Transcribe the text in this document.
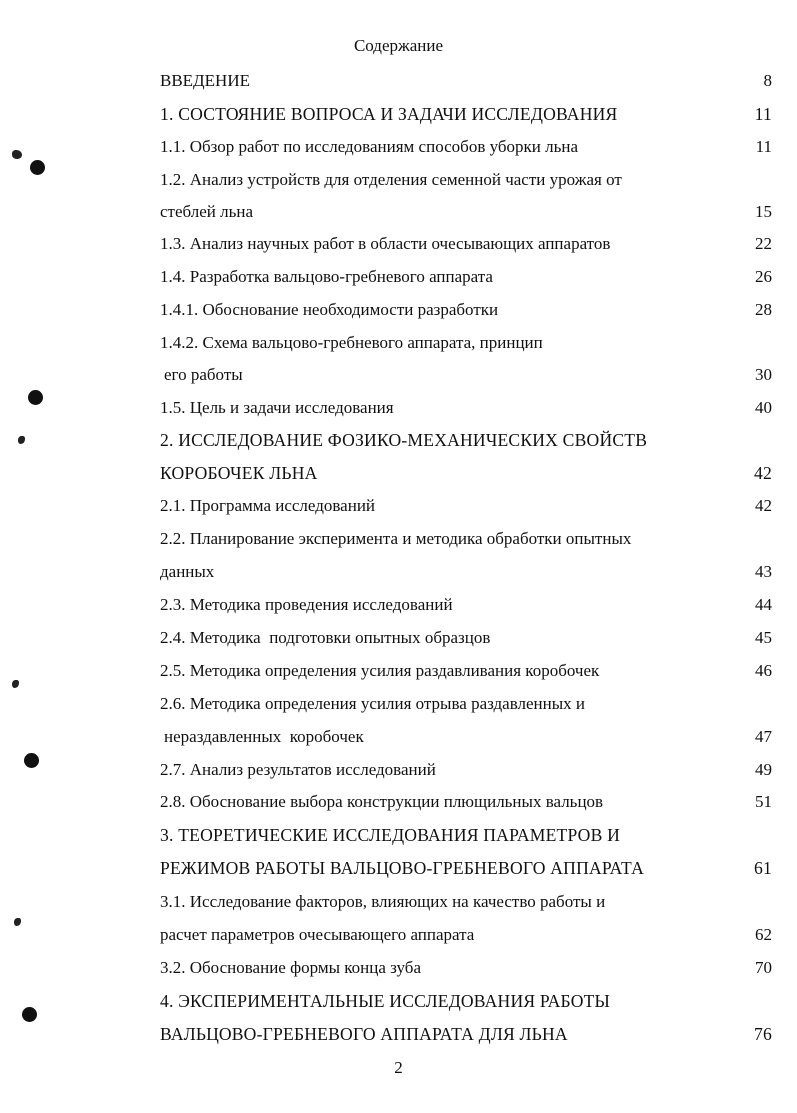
Содержание
ВВЕДЕНИЕ	8
1. СОСТОЯНИЕ ВОПРОСА И ЗАДАЧИ ИССЛЕДОВАНИЯ	11
1.1. Обзор работ по исследованиям способов уборки льна	11
1.2. Анализ устройств для отделения семенной части урожая от
стеблей льна	15
1.3. Анализ научных работ в области очесывающих аппаратов	22
1.4. Разработка вальцово-гребневого аппарата	26
1.4.1. Обоснование необходимости разработки	28
1.4.2. Схема вальцово-гребневого аппарата, принцип
его работы	30
1.5. Цель и задачи исследования	40
2. ИССЛЕДОВАНИЕ ФОЗИКО-МЕХАНИЧЕСКИХ СВОЙСТВ
КОРОБОЧЕК ЛЬНА	42
2.1. Программа исследований	42
2.2. Планирование эксперимента и методика обработки опытных
данных	43
2.3. Методика проведения исследований	44
2.4. Методика  подготовки опытных образцов	45
2.5. Методика определения усилия раздавливания коробочек	46
2.6. Методика определения усилия отрыва раздавленных и
нераздавленных  коробочек	47
2.7. Анализ результатов исследований	49
2.8. Обоснование выбора конструкции плющильных вальцов	51
3. ТЕОРЕТИЧЕСКИЕ ИССЛЕДОВАНИЯ ПАРАМЕТРОВ И
РЕЖИМОВ РАБОТЫ ВАЛЬЦОВО-ГРЕБНЕВОГО АППАРАТА	61
3.1. Исследование факторов, влияющих на качество работы и
расчет параметров очесывающего аппарата	62
3.2. Обоснование формы конца зуба	70
4. ЭКСПЕРИМЕНТАЛЬНЫЕ ИССЛЕДОВАНИЯ РАБОТЫ
ВАЛЬЦОВО-ГРЕБНЕВОГО АППАРАТА ДЛЯ ЛЬНА	76
2
